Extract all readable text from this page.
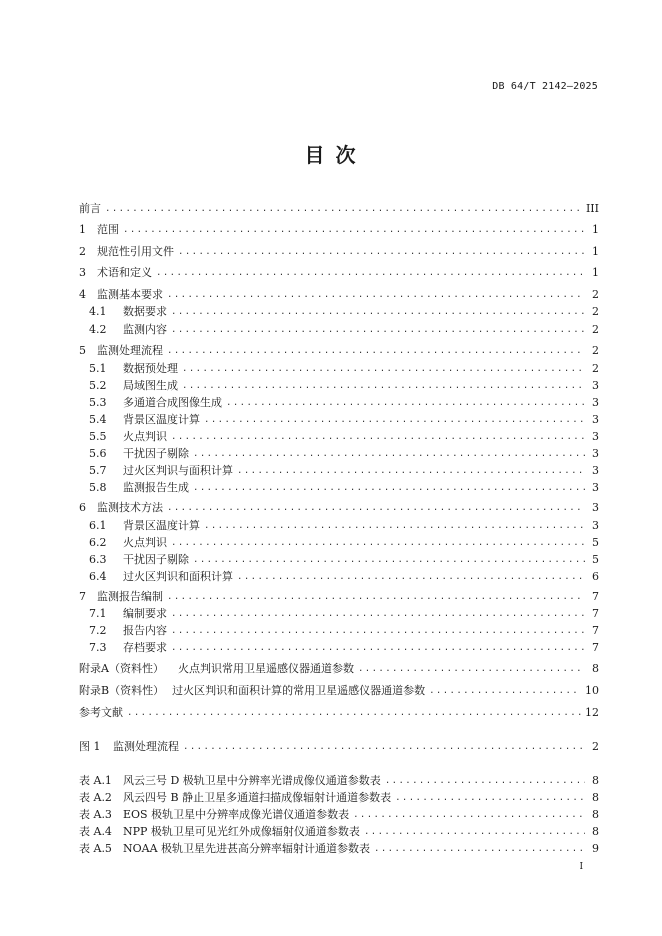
DB 64/T 2142—2025
目 次
前言 .....	III
1	范围 .....	1
2	规范性引用文件 .....	1
3	术语和定义 .....	1
4	监测基本要求 .....	2
4.1	数据要求 .....	2
4.2	监测内容 .....	2
5	监测处理流程 .....	2
5.1	数据预处理 .....	2
5.2	局域图生成 .....	3
5.3	多通道合成图像生成 .....	3
5.4	背景区温度计算 .....	3
5.5	火点判识 .....	3
5.6	干扰因子剔除 .....	3
5.7	过火区判识与面积计算 .....	3
5.8	监测报告生成 .....	3
6	监测技术方法 .....	3
6.1	背景区温度计算 .....	3
6.2	火点判识 .....	5
6.3	干扰因子剔除 .....	5
6.4	过火区判识和面积计算 .....	6
7	监测报告编制 .....	7
7.1	编制要求 .....	7
7.2	报告内容 .....	7
7.3	存档要求 .....	7
附录A（资料性） 火点判识常用卫星遥感仪器通道参数 .....	8
附录B（资料性） 过火区判识和面积计算的常用卫星遥感仪器通道参数 .....	10
参考文献 .....	12
图 1	监测处理流程 .....	2
表 A.1	风云三号 D 极轨卫星中分辨率光谱成像仪通道参数表 .....	8
表 A.2	风云四号 B 静止卫星多通道扫描成像辐射计通道参数表 .....	8
表 A.3	EOS 极轨卫星中分辨率成像光谱仪通道参数表 .....	8
表 A.4	NPP 极轨卫星可见光红外成像辐射仪通道参数表 .....	8
表 A.5	NOAA 极轨卫星先进甚高分辨率辐射计通道参数表 .....	9
I
